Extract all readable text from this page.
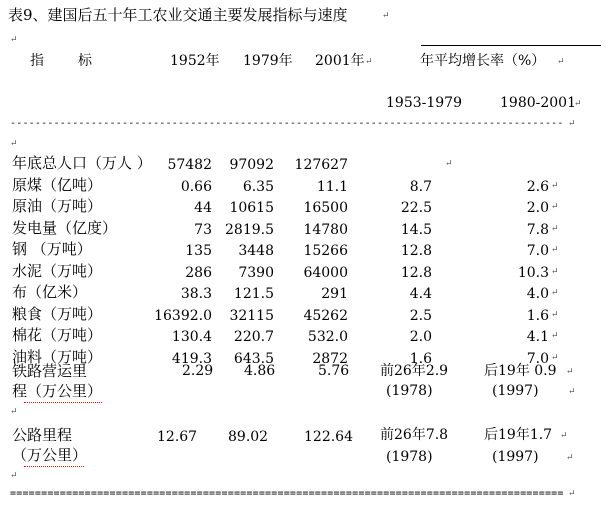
表9、建国后五十年工农业交通主要发展指标与速度	↵
↵
指 标	1952年 1979年 2001年 ↵	年平均增长率（%） ↵
1953-1979	1980-2001
↵
----------------------------------------------------------------------------------------- ↵
↵
年底总人口（万人 ） 57482 97092 127627	↵
原煤（亿吨）	0.66 6.35	11.1	8.7	2.6 ↵
原油（万吨）	44 10615 16500	22.5	2.0 ↵
发电量（亿度）	73 2819.5 14780	14.5	7.8 ↵
钢 （万吨）	135 3448 15266	12.8	7.0 ↵
水泥（万吨）	286 7390 64000	12.8	10.3 ↵
布（亿米）	38.3 121.5	291	4.4	4.0 ↵
粮食（万吨）	16392.0 32115 45262	2.5	1.6 ↵
棉花（万吨）	130.4 220.7 532.0	2.0	4.1 ↵
油料（万吨）	419.3 643.5	2872	1.6	7.0 ↵
铁路营运里	2.29 4.86	5.76 前26年2.9	后19年 0.9 ↵
程（万公里）	(1978)	(1997)	↵
↵
公路里程	12.67 89.02	122.64 前26年7.8	后19年1.7 ↵
（万公里）	(1978)	(1997)	↵
↵
========================================================================================= ↵
